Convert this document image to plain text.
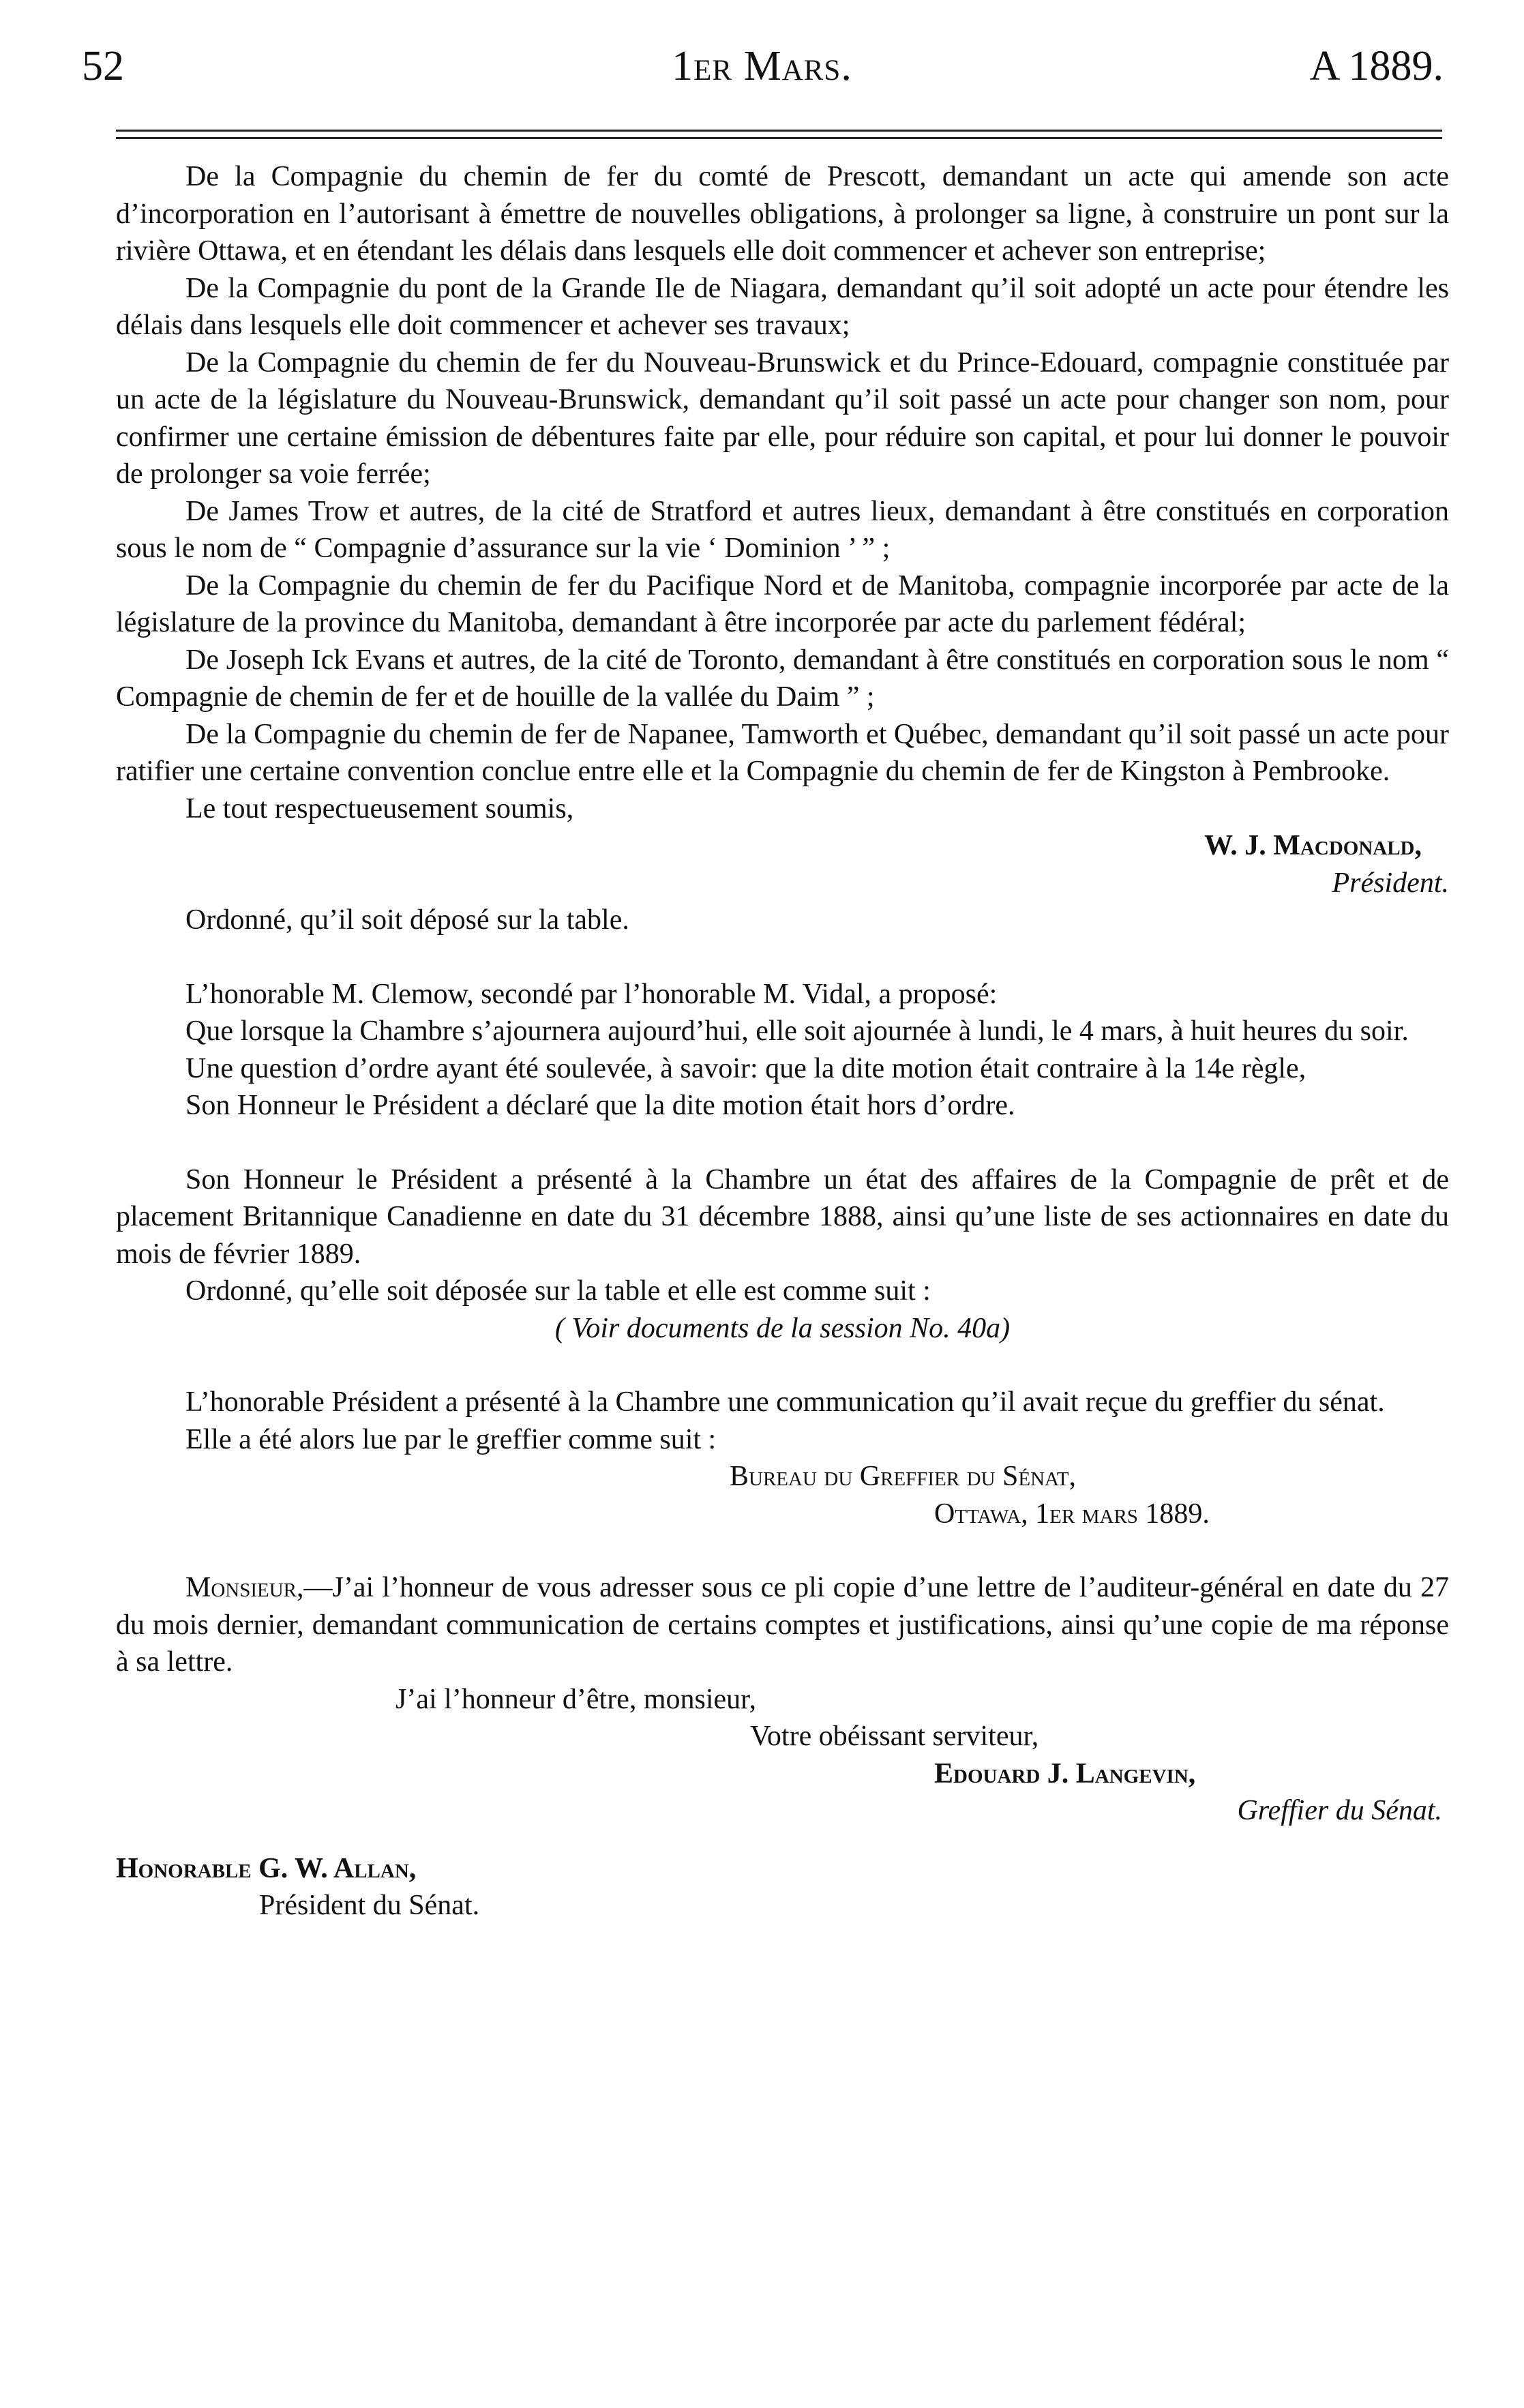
52	1er Mars.	A 1889.

De la Compagnie du chemin de fer du comté de Prescott, demandant un acte qui amende son acte d’incorporation en l’autorisant à émettre de nouvelles obligations, à prolonger sa ligne, à construire un pont sur la rivière Ottawa, et en étendant les délais dans lesquels elle doit commencer et achever son entreprise;

De la Compagnie du pont de la Grande Ile de Niagara, demandant qu’il soit adopté un acte pour étendre les délais dans lesquels elle doit commencer et achever ses travaux;

De la Compagnie du chemin de fer du Nouveau-Brunswick et du Prince-Edouard, compagnie constituée par un acte de la législature du Nouveau-Brunswick, demandant qu’il soit passé un acte pour changer son nom, pour confirmer une certaine émission de débentures faite par elle, pour réduire son capital, et pour lui donner le pouvoir de prolonger sa voie ferrée;

De James Trow et autres, de la cité de Stratford et autres lieux, demandant à être constitués en corporation sous le nom de “ Compagnie d’assurance sur la vie ‘ Dominion ’ ” ;

De la Compagnie du chemin de fer du Pacifique Nord et de Manitoba, compagnie incorporée par acte de la législature de la province du Manitoba, demandant à être incorporée par acte du parlement fédéral;

De Joseph Ick Evans et autres, de la cité de Toronto, demandant à être constitués en corporation sous le nom “ Compagnie de chemin de fer et de houille de la vallée du Daim ” ;

De la Compagnie du chemin de fer de Napanee, Tamworth et Québec, demandant qu’il soit passé un acte pour ratifier une certaine convention conclue entre elle et la Compagnie du chemin de fer de Kingston à Pembrooke.

Le tout respectueusement soumis,

W. J. Macdonald,

Président.

Ordonné, qu’il soit déposé sur la table.

L’honorable M. Clemow, secondé par l’honorable M. Vidal, a proposé:

Que lorsque la Chambre s’ajournera aujourd’hui, elle soit ajournée à lundi, le 4 mars, à huit heures du soir.

Une question d’ordre ayant été soulevée, à savoir: que la dite motion était contraire à la 14e règle,

Son Honneur le Président a déclaré que la dite motion était hors d’ordre.

Son Honneur le Président a présenté à la Chambre un état des affaires de la Compagnie de prêt et de placement Britannique Canadienne en date du 31 décembre 1888, ainsi qu’une liste de ses actionnaires en date du mois de février 1889.

Ordonné, qu’elle soit déposée sur la table et elle est comme suit :

( Voir documents de la session No. 40a)

L’honorable Président a présenté à la Chambre une communication qu’il avait reçue du greffier du sénat.

Elle a été alors lue par le greffier comme suit :

Bureau du Greffier du Sénat,

Ottawa, 1er mars 1889.

Monsieur,—J’ai l’honneur de vous adresser sous ce pli copie d’une lettre de l’auditeur-général en date du 27 du mois dernier, demandant communication de certains comptes et justifications, ainsi qu’une copie de ma réponse à sa lettre.

J’ai l’honneur d’être, monsieur,

Votre obéissant serviteur,

Edouard J. Langevin,

Greffier du Sénat.

Honorable G. W. Allan,

Président du Sénat.
